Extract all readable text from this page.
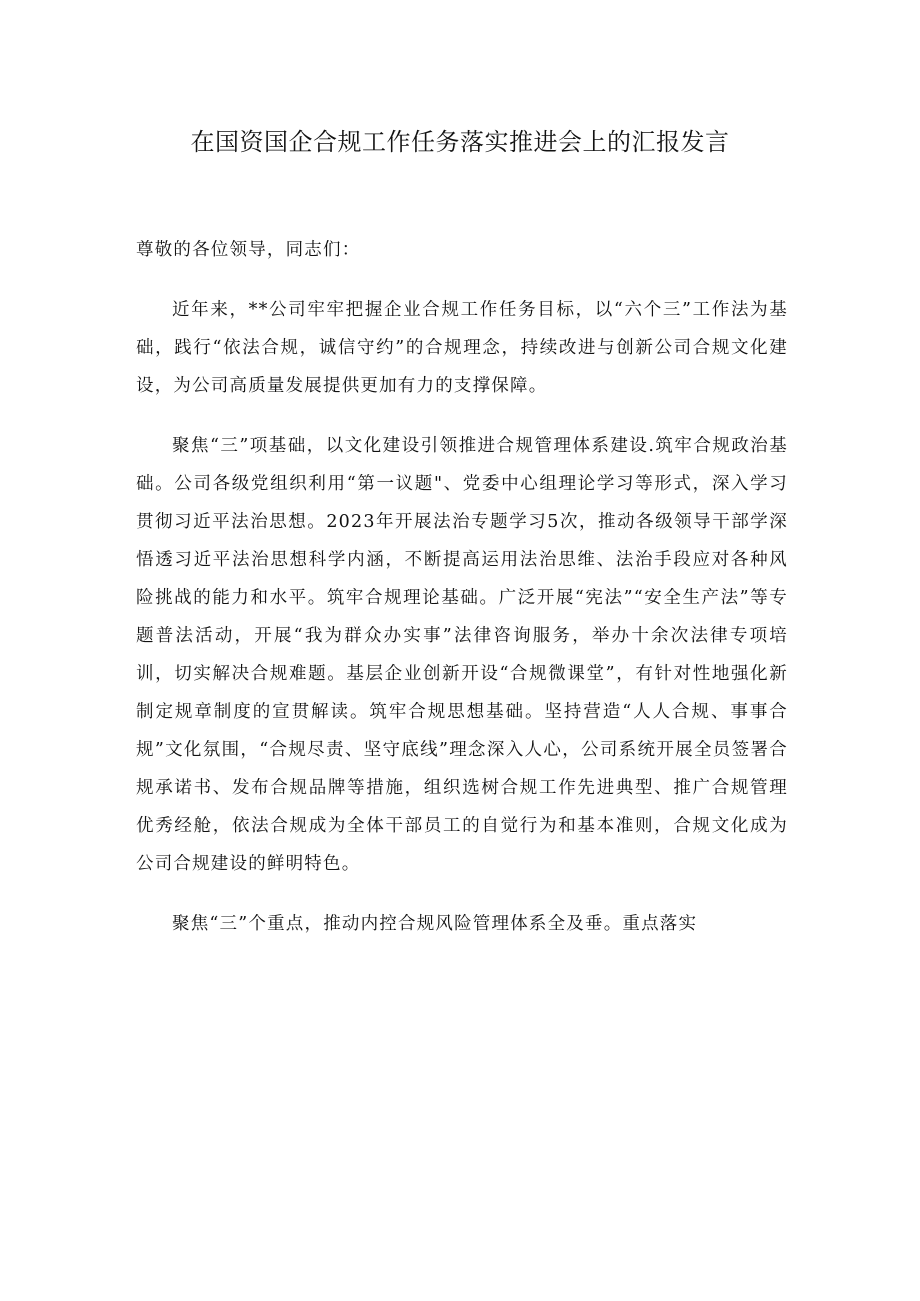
在国资国企合规工作任务落实推进会上的汇报发言

尊敬的各位领导，同志们：

近年来，**公司牢牢把握企业合规工作任务目标，以“六个三”工作法为基础，践行“依法合规，诚信守约”的合规理念，持续改进与创新公司合规文化建设，为公司高质量发展提供更加有力的支撑保障。

聚焦“三”项基础，以文化建设引领推进合规管理体系建设.筑牢合规政治基础。公司各级党组织利用“第一议题"、党委中心组理论学习等形式，深入学习贯彻习近平法治思想。2023年开展法治专题学习5次，推动各级领导干部学深悟透习近平法治思想科学内涵，不断提高运用法治思维、法治手段应对各种风险挑战的能力和水平。筑牢合规理论基础。广泛开展“宪法”“安全生产法”等专题普法活动，开展“我为群众办实事”法律咨询服务，举办十余次法律专项培训，切实解决合规难题。基层企业创新开设“合规微课堂”，有针对性地强化新制定规章制度的宣贯解读。筑牢合规思想基础。坚持营造“人人合规、事事合规”文化氛围，“合规尽责、坚守底线”理念深入人心，公司系统开展全员签署合规承诺书、发布合规品牌等措施，组织选树合规工作先进典型、推广合规管理优秀经舱，依法合规成为全体干部员工的自觉行为和基本准则，合规文化成为公司合规建设的鲜明特色。

聚焦“三”个重点，推动内控合规风险管理体系全及垂。重点落实
